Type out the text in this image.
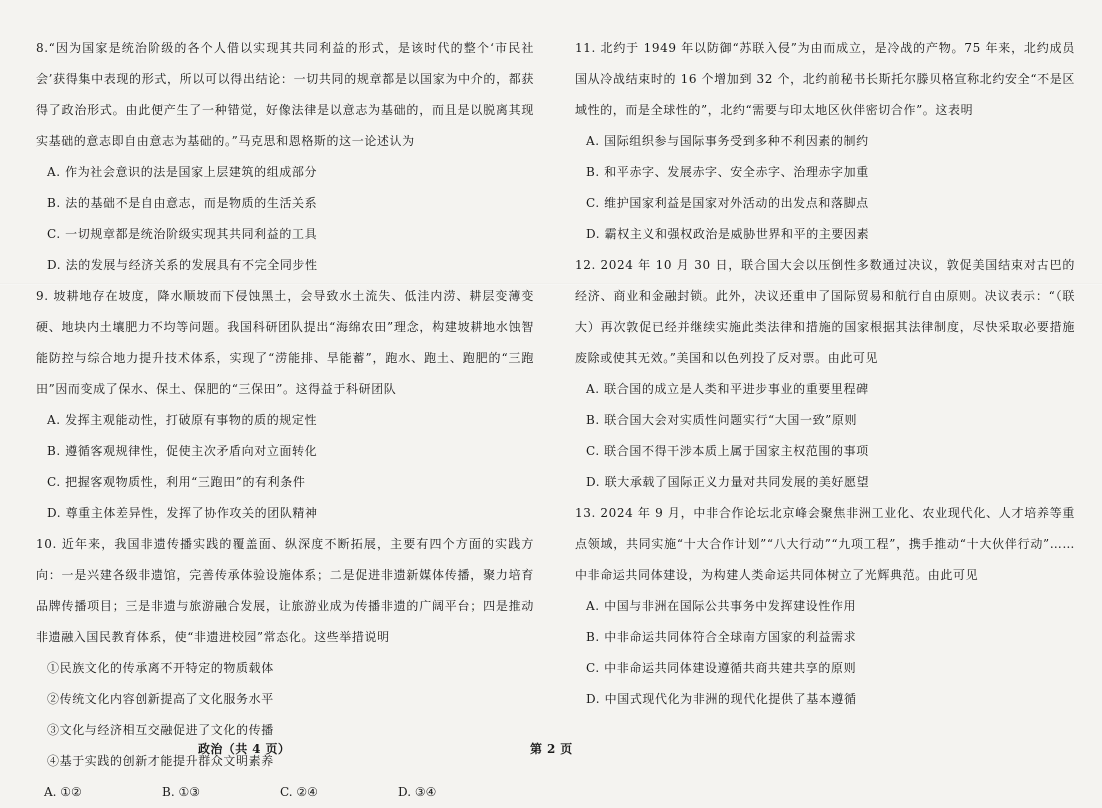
8.“因为国家是统治阶级的各个人借以实现其共同利益的形式，是该时代的整个‘市民社会’获得集中表现的形式，所以可以得出结论：一切共同的规章都是以国家为中介的，都获得了政治形式。由此便产生了一种错觉，好像法律是以意志为基础的，而且是以脱离其现实基础的意志即自由意志为基础的。”马克思和恩格斯的这一论述认为

A. 作为社会意识的法是国家上层建筑的组成部分

B. 法的基础不是自由意志，而是物质的生活关系

C. 一切规章都是统治阶级实现其共同利益的工具

D. 法的发展与经济关系的发展具有不完全同步性

9. 坡耕地存在坡度，降水顺坡而下侵蚀黑土，会导致水土流失、低洼内涝、耕层变薄变硬、地块内土壤肥力不均等问题。我国科研团队提出“海绵农田”理念，构建坡耕地水蚀智能防控与综合地力提升技术体系，实现了“涝能排、旱能蓄”，跑水、跑土、跑肥的“三跑田”因而变成了保水、保土、保肥的“三保田”。这得益于科研团队

A. 发挥主观能动性，打破原有事物的质的规定性

B. 遵循客观规律性，促使主次矛盾向对立面转化

C. 把握客观物质性，利用“三跑田”的有利条件

D. 尊重主体差异性，发挥了协作攻关的团队精神

10. 近年来，我国非遗传播实践的覆盖面、纵深度不断拓展，主要有四个方面的实践方向：一是兴建各级非遗馆，完善传承体验设施体系；二是促进非遗新媒体传播，聚力培育品牌传播项目；三是非遗与旅游融合发展，让旅游业成为传播非遗的广阔平台；四是推动非遗融入国民教育体系，使“非遗进校园”常态化。这些举措说明

①民族文化的传承离不开特定的物质载体

②传统文化内容创新提高了文化服务水平

③文化与经济相互交融促进了文化的传播

④基于实践的创新才能提升群众文明素养

A. ①②	B. ①③	C. ②④	D. ③④

11. 北约于 1949 年以防御“苏联入侵”为由而成立，是冷战的产物。75 年来，北约成员国从冷战结束时的 16 个增加到 32 个，北约前秘书长斯托尔滕贝格宣称北约安全“不是区域性的，而是全球性的”，北约“需要与印太地区伙伴密切合作”。这表明

A. 国际组织参与国际事务受到多种不利因素的制约

B. 和平赤字、发展赤字、安全赤字、治理赤字加重

C. 维护国家利益是国家对外活动的出发点和落脚点

D. 霸权主义和强权政治是威胁世界和平的主要因素

12. 2024 年 10 月 30 日，联合国大会以压倒性多数通过决议，敦促美国结束对古巴的经济、商业和金融封锁。此外，决议还重申了国际贸易和航行自由原则。决议表示：“（联大）再次敦促已经并继续实施此类法律和措施的国家根据其法律制度，尽快采取必要措施废除或使其无效。”美国和以色列投了反对票。由此可见

A. 联合国的成立是人类和平进步事业的重要里程碑

B. 联合国大会对实质性问题实行“大国一致”原则

C. 联合国不得干涉本质上属于国家主权范围的事项

D. 联大承载了国际正义力量对共同发展的美好愿望

13. 2024 年 9 月，中非合作论坛北京峰会聚焦非洲工业化、农业现代化、人才培养等重点领域，共同实施“十大合作计划”“八大行动”“九项工程”，携手推动“十大伙伴行动”……中非命运共同体建设，为构建人类命运共同体树立了光辉典范。由此可见

A. 中国与非洲在国际公共事务中发挥建设性作用

B. 中非命运共同体符合全球南方国家的利益需求

C. 中非命运共同体建设遵循共商共建共享的原则

D. 中国式现代化为非洲的现代化提供了基本遵循

政治（共 4 页）	第 2 页
